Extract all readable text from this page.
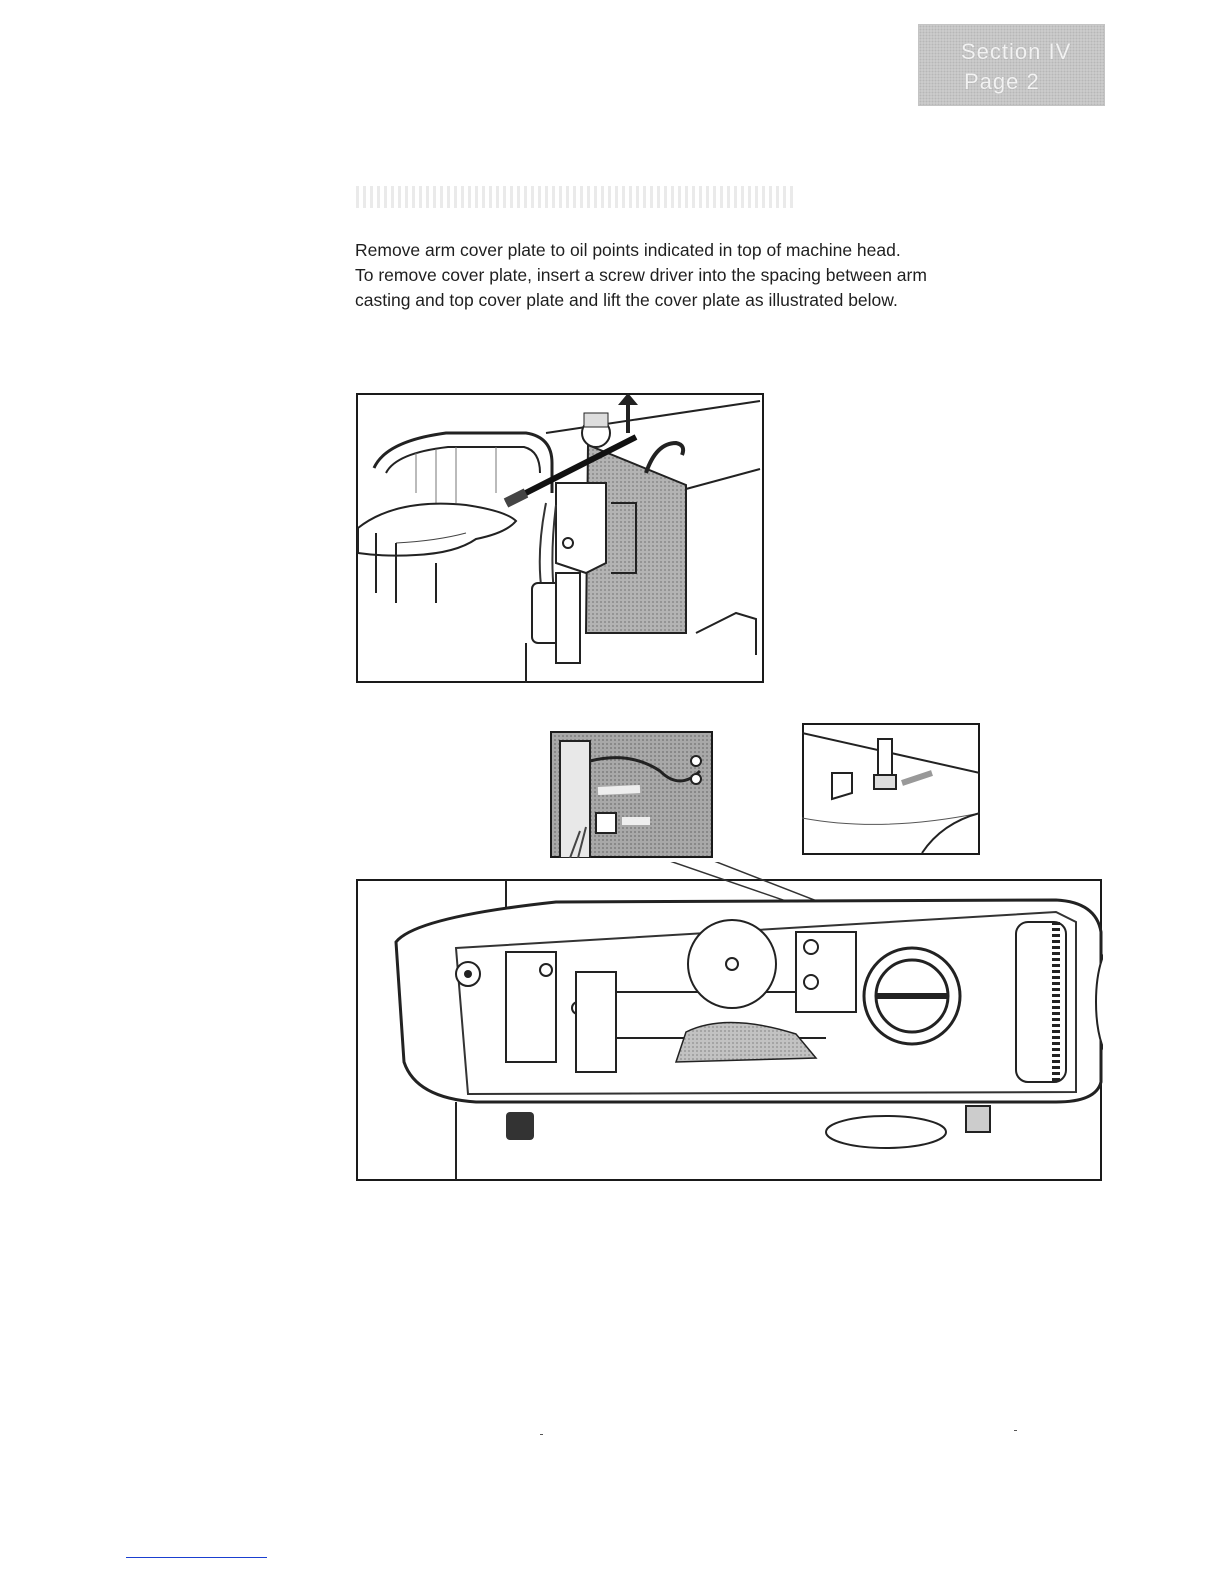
Section IV
Page 2

Remove arm cover plate to oil points indicated in top of machine head.

To remove cover plate, insert a screw driver into the spacing between arm

casting and top cover plate and lift the cover plate as illustrated below.
